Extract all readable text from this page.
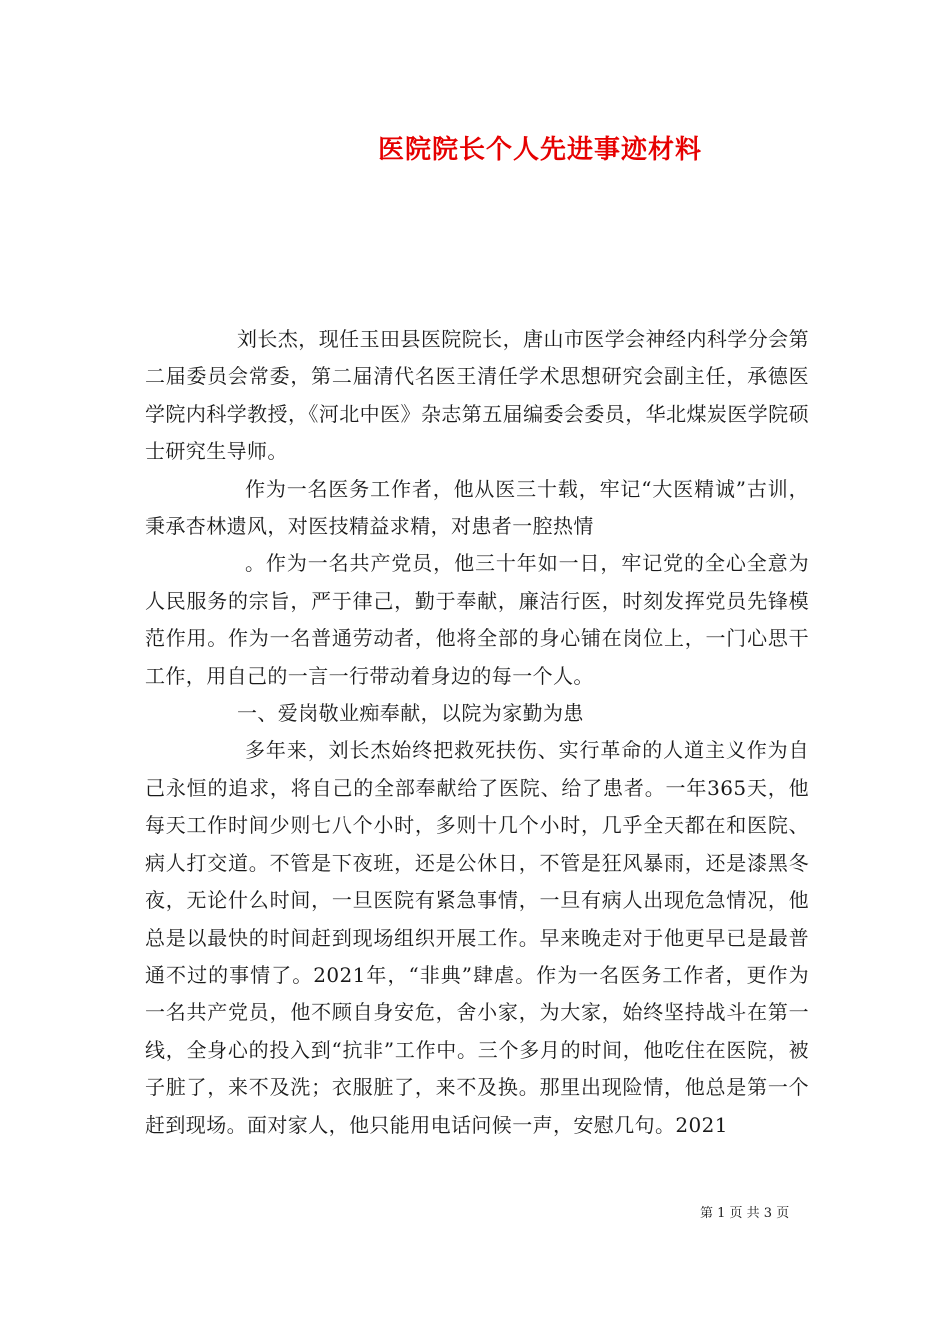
医院院长个人先进事迹材料

刘长杰，现任玉田县医院院长，唐山市医学会神经内科学分会第二届委员会常委，第二届清代名医王清任学术思想研究会副主任，承德医学院内科学教授，《河北中医》杂志第五届编委会委员，华北煤炭医学院硕士研究生导师。

作为一名医务工作者，他从医三十载，牢记“大医精诚”古训，秉承杏林遗风，对医技精益求精，对患者一腔热情

。作为一名共产党员，他三十年如一日，牢记党的全心全意为人民服务的宗旨，严于律己，勤于奉献，廉洁行医，时刻发挥党员先锋模范作用。作为一名普通劳动者，他将全部的身心铺在岗位上，一门心思干工作，用自己的一言一行带动着身边的每一个人。

一、爱岗敬业痴奉献，以院为家勤为患

多年来，刘长杰始终把救死扶伤、实行革命的人道主义作为自己永恒的追求，将自己的全部奉献给了医院、给了患者。一年365天，他每天工作时间少则七八个小时，多则十几个小时，几乎全天都在和医院、病人打交道。不管是下夜班，还是公休日，不管是狂风暴雨，还是漆黑冬夜，无论什么时间，一旦医院有紧急事情，一旦有病人出现危急情况，他总是以最快的时间赶到现场组织开展工作。早来晚走对于他更早已是最普通不过的事情了。2021年，“非典”肆虐。作为一名医务工作者，更作为一名共产党员，他不顾自身安危，舍小家，为大家，始终坚持战斗在第一线，全身心的投入到“抗非”工作中。三个多月的时间，他吃住在医院，被子脏了，来不及洗；衣服脏了，来不及换。那里出现险情，他总是第一个赶到现场。面对家人，他只能用电话问候一声，安慰几句。2021

第 1 页 共 3 页
